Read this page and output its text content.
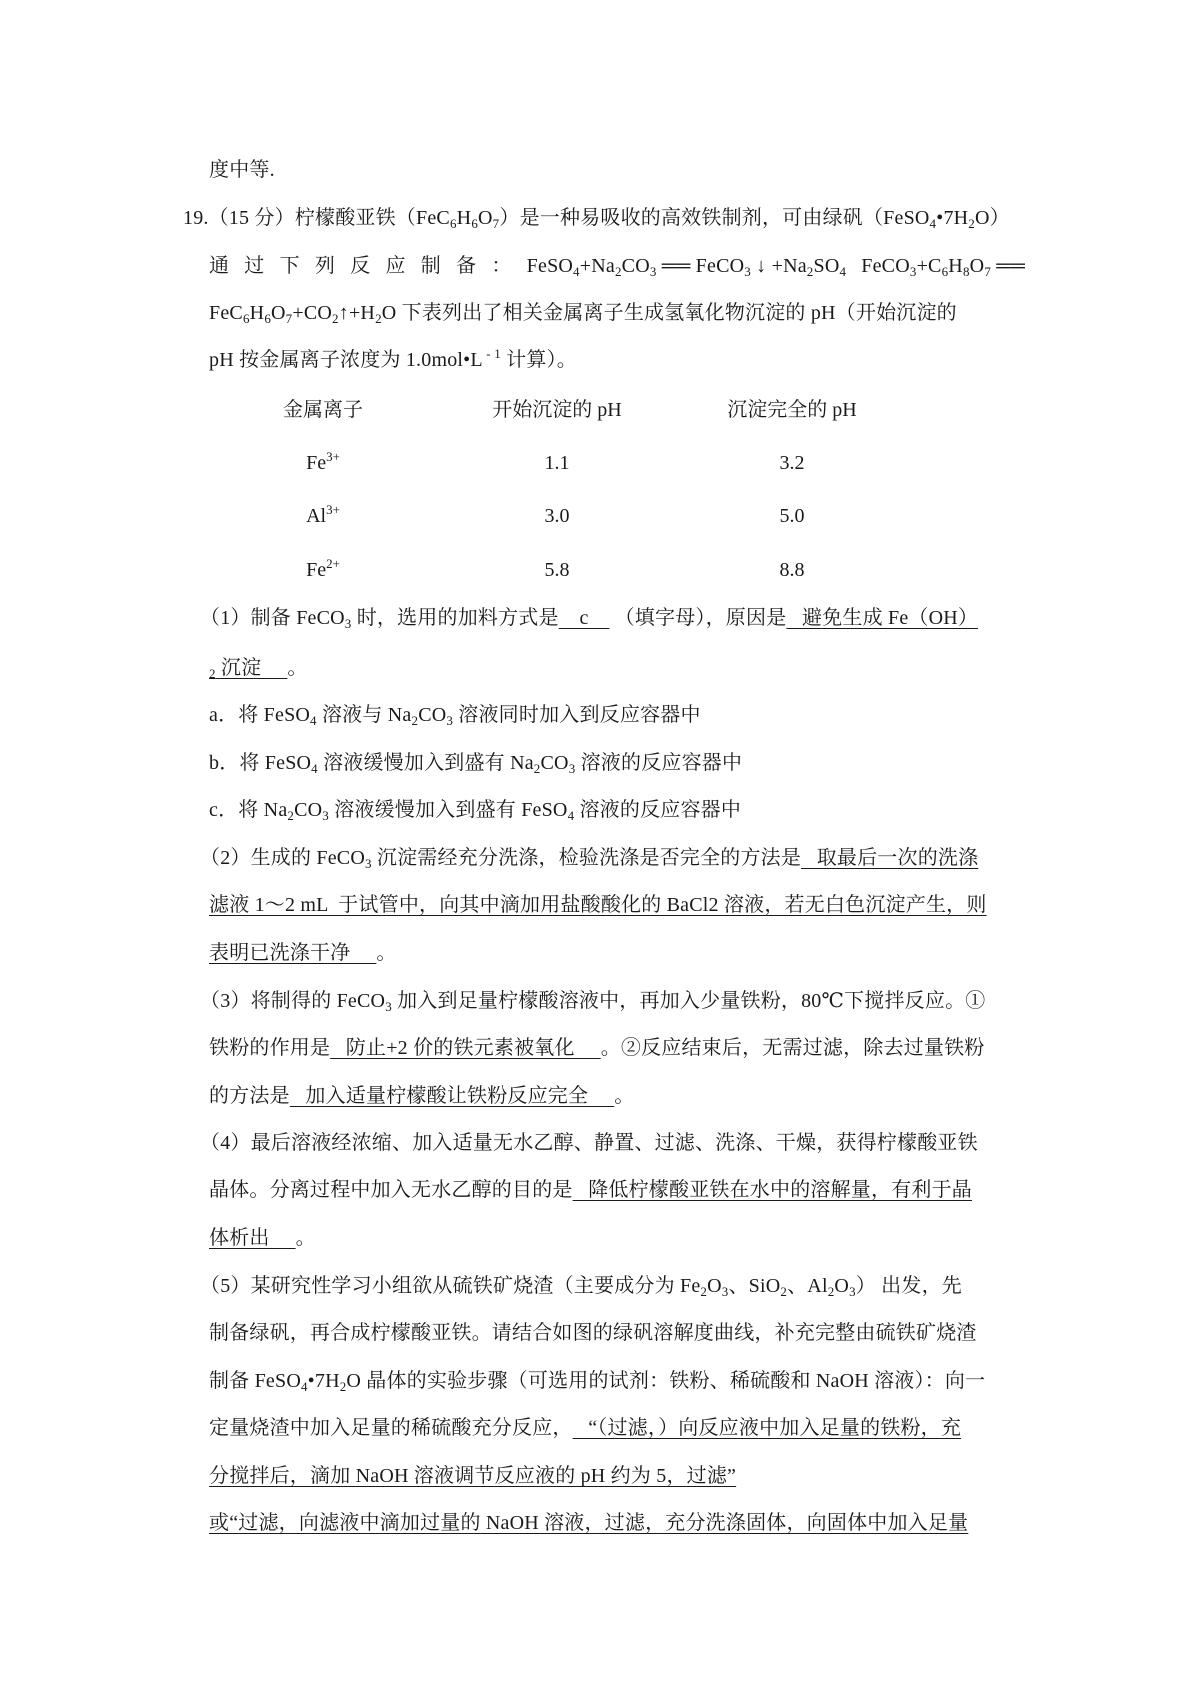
度中等.
19.（15 分）柠檬酸亚铁$(FeC_6H_6O_7)$是一种易吸收的高效铁制剂，可由绿矾$(FeSO_4•7H_2O)$
通 过 下 列 反 应 制 备 ： $FeSO_4+Na_2CO_3$ ══ FeCO$_3$ ↓ $+Na_2SO_4$ $FeCO_3+C_6H_8O_7$ ══
$FeC_6H_6O_7+CO_2↑+H_2O$ 下表列出了相关金属离子生成氢氧化物沉淀的 pH（开始沉淀的
pH 按金属离子浓度为 1.0mol•L $^{- 1}$ 计算）。
金属离子	开始沉淀的 pH	沉淀完全的 pH
$Fe^{3+}$	1.1	3.2
$Al^{3+}$	3.0	5.0
$Fe^{2+}$	5.8	8.8
（1）制备 FeCO$_3$ 时，选用的加料方式是    c     （填字母），原因是   避免生成 Fe（OH）
$_2$ 沉淀     。
a．将 FeSO$_4$ 溶液与 $Na_2CO_3$ 溶液同时加入到反应容器中
b．将 FeSO$_4$ 溶液缓慢加入到盛有 $Na_2CO_3$ 溶液的反应容器中
c．将 $Na_2CO_3$ 溶液缓慢加入到盛有 FeSO$_4$ 溶液的反应容器中
（2）生成的 FeCO$_3$ 沉淀需经充分洗涤，检验洗涤是否完全的方法是   取最后一次的洗涤
滤液 1～2 mL  于试管中，向其中滴加用盐酸酸化的 BaCl2 溶液，若无白色沉淀产生，则
表明已洗涤干净     。
（3）将制得的 FeCO$_3$ 加入到足量柠檬酸溶液中，再加入少量铁粉，80℃下搅拌反应。①
铁粉的作用是   防止+2 价的铁元素被氧化     。②反应结束后，无需过滤，除去过量铁粉
的方法是   加入适量柠檬酸让铁粉反应完全     。
（4）最后溶液经浓缩、加入适量无水乙醇、静置、过滤、洗涤、干燥，获得柠檬酸亚铁
晶体。分离过程中加入无水乙醇的目的是   降低柠檬酸亚铁在水中的溶解量，有利于晶
体析出     。
（5）某研究性学习小组欲从硫铁矿烧渣（主要成分为 $Fe_2O_3$、SiO$_2$、$Al_2O_3$） 出发，先
制备绿矾，再合成柠檬酸亚铁。请结合如图的绿矾溶解度曲线，补充完整由硫铁矿烧渣
制备 $FeSO_4•7H_2O$ 晶体的实验步骤（可选用的试剂：铁粉、稀硫酸和 NaOH 溶液）：向一
定量烧渣中加入足量的稀硫酸充分反应，   “（过滤，）向反应液中加入足量的铁粉，充
分搅拌后，滴加 NaOH 溶液调节反应液的 pH 约为 5，过滤”
或“过滤，向滤液中滴加过量的 NaOH 溶液，过滤，充分洗涤固体，向固体中加入足量
